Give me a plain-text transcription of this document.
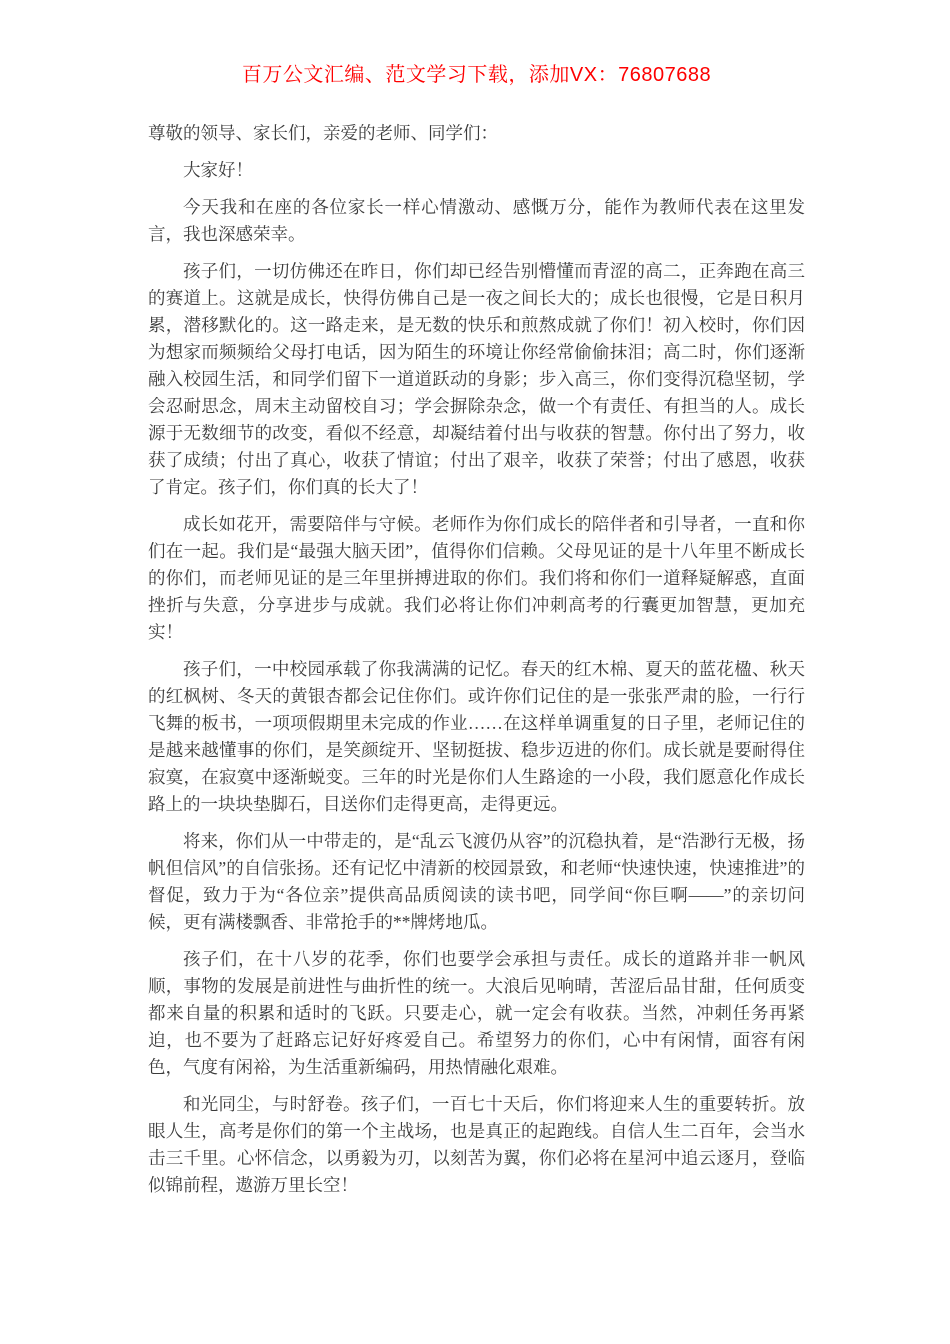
百万公文汇编、范文学习下载，添加VX：76807688

尊敬的领导、家长们，亲爱的老师、同学们：

大家好！

今天我和在座的各位家长一样心情激动、感慨万分，能作为教师代表在这里发言，我也深感荣幸。

孩子们，一切仿佛还在昨日，你们却已经告别懵懂而青涩的高二，正奔跑在高三的赛道上。这就是成长，快得仿佛自己是一夜之间长大的；成长也很慢，它是日积月累，潜移默化的。这一路走来，是无数的快乐和煎熬成就了你们！初入校时，你们因为想家而频频给父母打电话，因为陌生的环境让你经常偷偷抹泪；高二时，你们逐渐融入校园生活，和同学们留下一道道跃动的身影；步入高三，你们变得沉稳坚韧，学会忍耐思念，周末主动留校自习；学会摒除杂念，做一个有责任、有担当的人。成长源于无数细节的改变，看似不经意，却凝结着付出与收获的智慧。你付出了努力，收获了成绩；付出了真心，收获了情谊；付出了艰辛，收获了荣誉；付出了感恩，收获了肯定。孩子们，你们真的长大了！

成长如花开，需要陪伴与守候。老师作为你们成长的陪伴者和引导者，一直和你们在一起。我们是“最强大脑天团”，值得你们信赖。父母见证的是十八年里不断成长的你们，而老师见证的是三年里拼搏进取的你们。我们将和你们一道释疑解惑，直面挫折与失意，分享进步与成就。我们必将让你们冲刺高考的行囊更加智慧，更加充实！

孩子们，一中校园承载了你我满满的记忆。春天的红木棉、夏天的蓝花楹、秋天的红枫树、冬天的黄银杏都会记住你们。或许你们记住的是一张张严肃的脸，一行行飞舞的板书，一项项假期里未完成的作业……在这样单调重复的日子里，老师记住的是越来越懂事的你们，是笑颜绽开、坚韧挺拔、稳步迈进的你们。成长就是要耐得住寂寞，在寂寞中逐渐蜕变。三年的时光是你们人生路途的一小段，我们愿意化作成长路上的一块块垫脚石，目送你们走得更高，走得更远。

将来，你们从一中带走的，是“乱云飞渡仍从容”的沉稳执着，是“浩渺行无极，扬帆但信风”的自信张扬。还有记忆中清新的校园景致，和老师“快速快速，快速推进”的督促，致力于为“各位亲”提供高品质阅读的读书吧，同学间“你巨啊——”的亲切问候，更有满楼飘香、非常抢手的**牌烤地瓜。

孩子们，在十八岁的花季，你们也要学会承担与责任。成长的道路并非一帆风顺，事物的发展是前进性与曲折性的统一。大浪后见响晴，苦涩后品甘甜，任何质变都来自量的积累和适时的飞跃。只要走心，就一定会有收获。当然，冲刺任务再紧迫，也不要为了赶路忘记好好疼爱自己。希望努力的你们，心中有闲情，面容有闲色，气度有闲裕，为生活重新编码，用热情融化艰难。

和光同尘，与时舒卷。孩子们，一百七十天后，你们将迎来人生的重要转折。放眼人生，高考是你们的第一个主战场，也是真正的起跑线。自信人生二百年，会当水击三千里。心怀信念，以勇毅为刃，以刻苦为翼，你们必将在星河中追云逐月，登临似锦前程，遨游万里长空！
